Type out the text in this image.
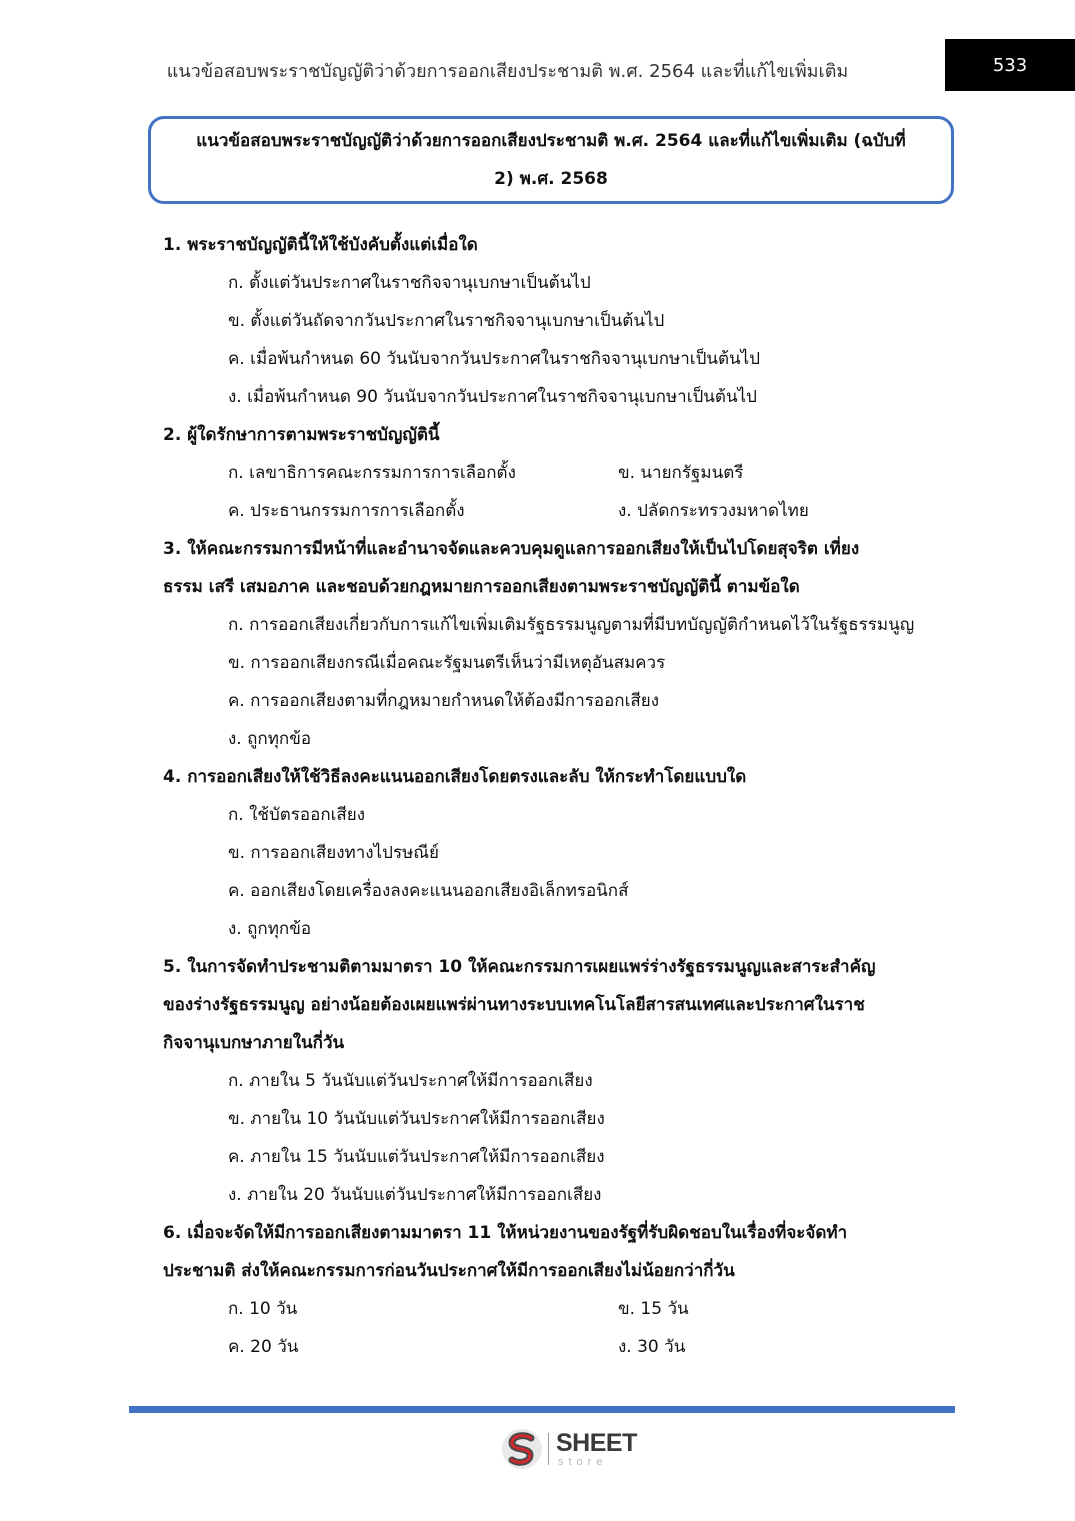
แนวข้อสอบพระราชบัญญัติว่าด้วยการออกเสียงประชามติ พ.ศ. 2564 และที่แก้ไขเพิ่มเติม	533
แนวข้อสอบพระราชบัญญัติว่าด้วยการออกเสียงประชามติ พ.ศ. 2564 และที่แก้ไขเพิ่มเติม (ฉบับที่
2) พ.ศ. 2568
1. พระราชบัญญัตินี้ให้ใช้บังคับตั้งแต่เมื่อใด
ก. ตั้งแต่วันประกาศในราชกิจจานุเบกษาเป็นต้นไป
ข. ตั้งแต่วันถัดจากวันประกาศในราชกิจจานุเบกษาเป็นต้นไป
ค. เมื่อพ้นกำหนด 60 วันนับจากวันประกาศในราชกิจจานุเบกษาเป็นต้นไป
ง. เมื่อพ้นกำหนด 90 วันนับจากวันประกาศในราชกิจจานุเบกษาเป็นต้นไป
2. ผู้ใดรักษาการตามพระราชบัญญัตินี้
ก. เลขาธิการคณะกรรมการการเลือกตั้ง	ข. นายกรัฐมนตรี
ค. ประธานกรรมการการเลือกตั้ง	ง. ปลัดกระทรวงมหาดไทย
3. ให้คณะกรรมการมีหน้าที่และอำนาจจัดและควบคุมดูแลการออกเสียงให้เป็นไปโดยสุจริต เที่ยง
ธรรม เสรี เสมอภาค และชอบด้วยกฎหมายการออกเสียงตามพระราชบัญญัตินี้ ตามข้อใด
ก. การออกเสียงเกี่ยวกับการแก้ไขเพิ่มเติมรัฐธรรมนูญตามที่มีบทบัญญัติกำหนดไว้ในรัฐธรรมนูญ
ข. การออกเสียงกรณีเมื่อคณะรัฐมนตรีเห็นว่ามีเหตุอันสมควร
ค. การออกเสียงตามที่กฎหมายกำหนดให้ต้องมีการออกเสียง
ง. ถูกทุกข้อ
4. การออกเสียงให้ใช้วิธีลงคะแนนออกเสียงโดยตรงและลับ ให้กระทำโดยแบบใด
ก. ใช้บัตรออกเสียง
ข. การออกเสียงทางไปรษณีย์
ค. ออกเสียงโดยเครื่องลงคะแนนออกเสียงอิเล็กทรอนิกส์
ง. ถูกทุกข้อ
5. ในการจัดทำประชามติตามมาตรา 10 ให้คณะกรรมการเผยแพร่ร่างรัฐธรรมนูญและสาระสำคัญ
ของร่างรัฐธรรมนูญ อย่างน้อยต้องเผยแพร่ผ่านทางระบบเทคโนโลยีสารสนเทศและประกาศในราช
กิจจานุเบกษาภายในกี่วัน
ก. ภายใน 5 วันนับแต่วันประกาศให้มีการออกเสียง
ข. ภายใน 10 วันนับแต่วันประกาศให้มีการออกเสียง
ค. ภายใน 15 วันนับแต่วันประกาศให้มีการออกเสียง
ง. ภายใน 20 วันนับแต่วันประกาศให้มีการออกเสียง
6. เมื่อจะจัดให้มีการออกเสียงตามมาตรา 11 ให้หน่วยงานของรัฐที่รับผิดชอบในเรื่องที่จะจัดทำ
ประชามติ ส่งให้คณะกรรมการก่อนวันประกาศให้มีการออกเสียงไม่น้อยกว่ากี่วัน
ก. 10 วัน	ข. 15 วัน
ค. 20 วัน	ง. 30 วัน
SHEET
store
